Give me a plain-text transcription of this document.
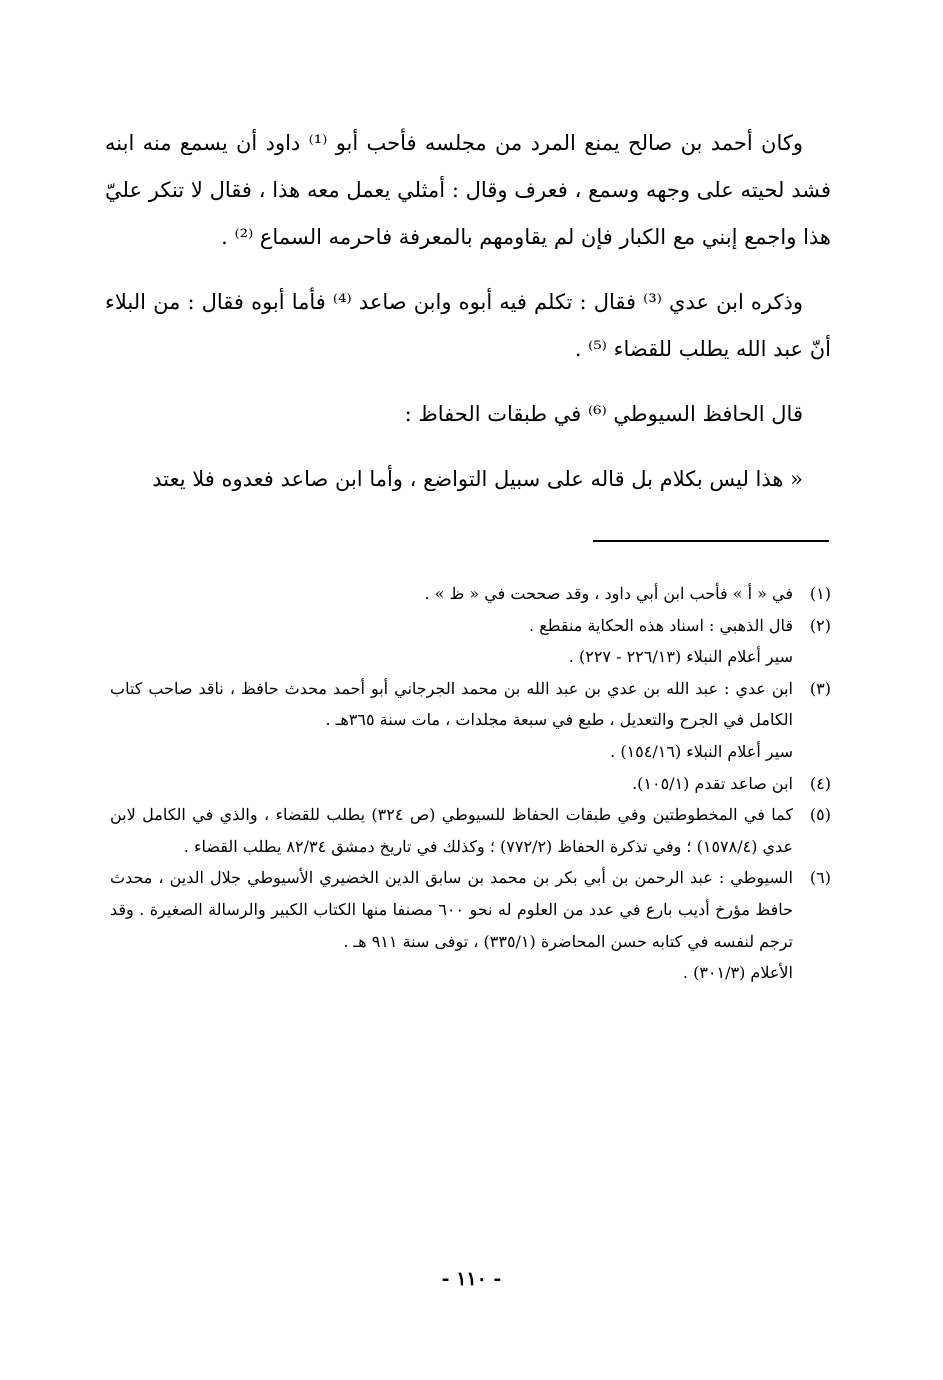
وكان أحمد بن صالح يمنع المرد من مجلسه فأحب أبو ⁽¹⁾ داود أن يسمع منه ابنه فشد لحيته على وجهه وسمع ، فعرف وقال : أمثلي يعمل معه هذا ، فقال لا تنكر عليّ هذا واجمع إبني مع الكبار فإن لم يقاومهم بالمعرفة فاحرمه السماع ⁽²⁾ .

وذكره ابن عدي ⁽³⁾ فقال : تكلم فيه أبوه وابن صاعد ⁽⁴⁾ فأما أبوه فقال : من البلاء أنّ عبد الله يطلب للقضاء ⁽⁵⁾ .

قال الحافظ السيوطي ⁽⁶⁾ في طبقات الحفاظ :

« هذا ليس بكلام بل قاله على سبيل التواضع ، وأما ابن صاعد فعدوه فلا يعتد

(١)
في « أ » فأحب ابن أبي داود ، وقد صححت في « ظ » .
(٢)
قال الذهبي : اسناد هذه الحكاية منقطع .
سير أعلام النبلاء (٢٢٦/١٣ - ٢٢٧) .
(٣)
ابن عدي : عبد الله بن عدي بن عبد الله بن محمد الجرجاني أبو أحمد محدث حافظ ، ناقد صاحب كتاب الكامل في الجرح والتعديل ، طبع في سبعة مجلدات ، مات سنة ٣٦٥هـ .
سير أعلام النبلاء (١٥٤/١٦) .
(٤)
ابن صاعد تقدم (١٠٥/١).
(٥)
كما في المخطوطتين وفي طبقات الحفاظ للسيوطي (ص ٣٢٤) يطلب للقضاء ، والذي في الكامل لابن عدي (١٥٧٨/٤) ؛ وفي تذكرة الحفاظ (٧٧٢/٢) ؛ وكذلك في تاريخ دمشق ٨٢/٣٤ يطلب القضاء .
(٦)
السيوطي : عبد الرحمن بن أبي بكر بن محمد بن سابق الدين الخضيري الأسيوطي جلال الدين ، محدث حافظ مؤرخ أديب بارع في عدد من العلوم له نحو ٦٠٠ مصنفا منها الكتاب الكبير والرسالة الصغيرة . وقد ترجم لنفسه في كتابه حسن المحاضرة (٣٣٥/١) ، توفى سنة ٩١١ هـ .
الأعلام (٣٠١/٣) .
- ١١٠ -
